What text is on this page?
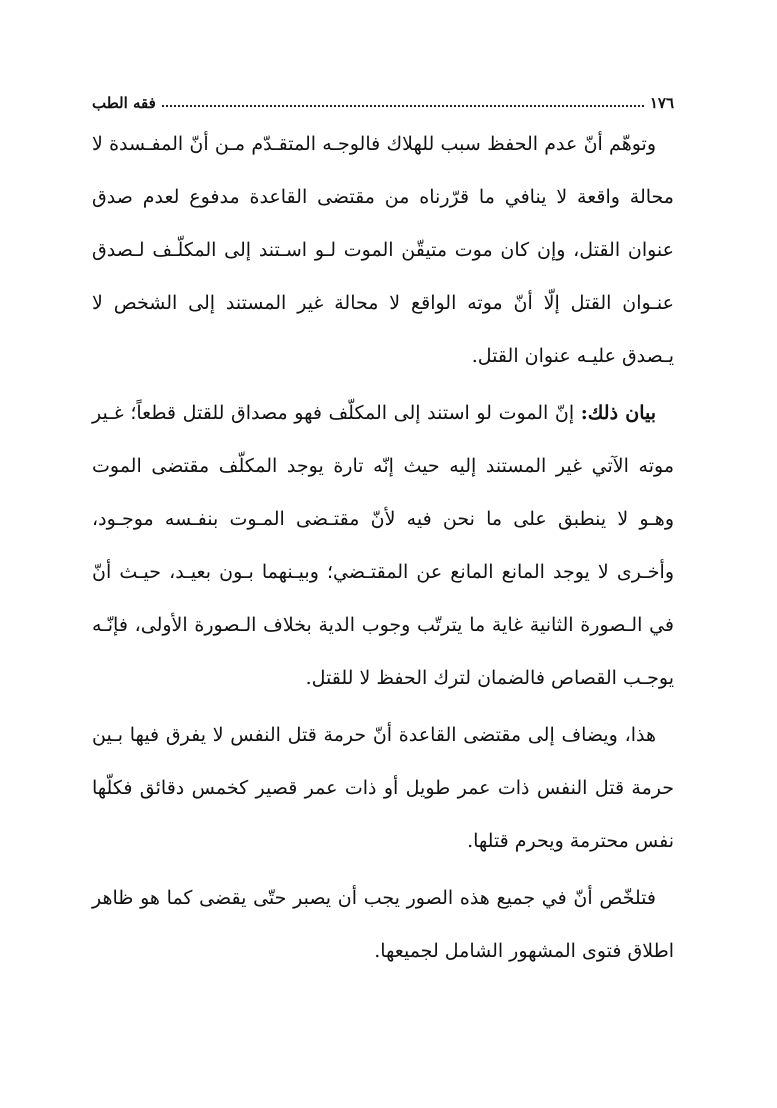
١٧٦
فقه الطب

وتوهّم أنّ عدم الحفظ سبب للهلاك فالوجـه المتقـدّم مـن أنّ المفـسدة لا محالة واقعة لا ينافي ما قرّرناه من مقتضى القاعدة مدفوع لعدم صدق عنوان القتل، وإن كان موت متيقّن الموت لـو اسـتند إلى المكلّـف لـصدق عنـوان القتل إلّا أنّ موته الواقع لا محالة غير المستند إلى الشخص لا يـصدق عليـه عنوان القتل.

بيان ذلك: إنّ الموت لو استند إلى المكلّف فهو مصداق للقتل قطعاً؛ غـير موته الآتي غير المستند إليه حيث إنّه تارة يوجد المكلّف مقتضى الموت وهـو لا ينطبق على ما نحن فيه لأنّ مقتـضى المـوت بنفـسه موجـود، وأخـرى لا يوجد المانع المانع عن المقتـضي؛ وبيـنهما بـون بعيـد، حيـث أنّ في الـصورة الثانية غاية ما يترتّب وجوب الدية بخلاف الـصورة الأولى، فإنّـه يوجـب القصاص فالضمان لترك الحفظ لا للقتل.

هذا، ويضاف إلى مقتضى القاعدة أنّ حرمة قتل النفس لا يفرق فيها بـين حرمة قتل النفس ذات عمر طويل أو ذات عمر قصير كخمس دقائق فكلّها نفس محترمة ويحرم قتلها.

فتلخّص أنّ في جميع هذه الصور يجب أن يصبر حتّى يقضى كما هو ظاهر اطلاق فتوى المشهور الشامل لجميعها.
